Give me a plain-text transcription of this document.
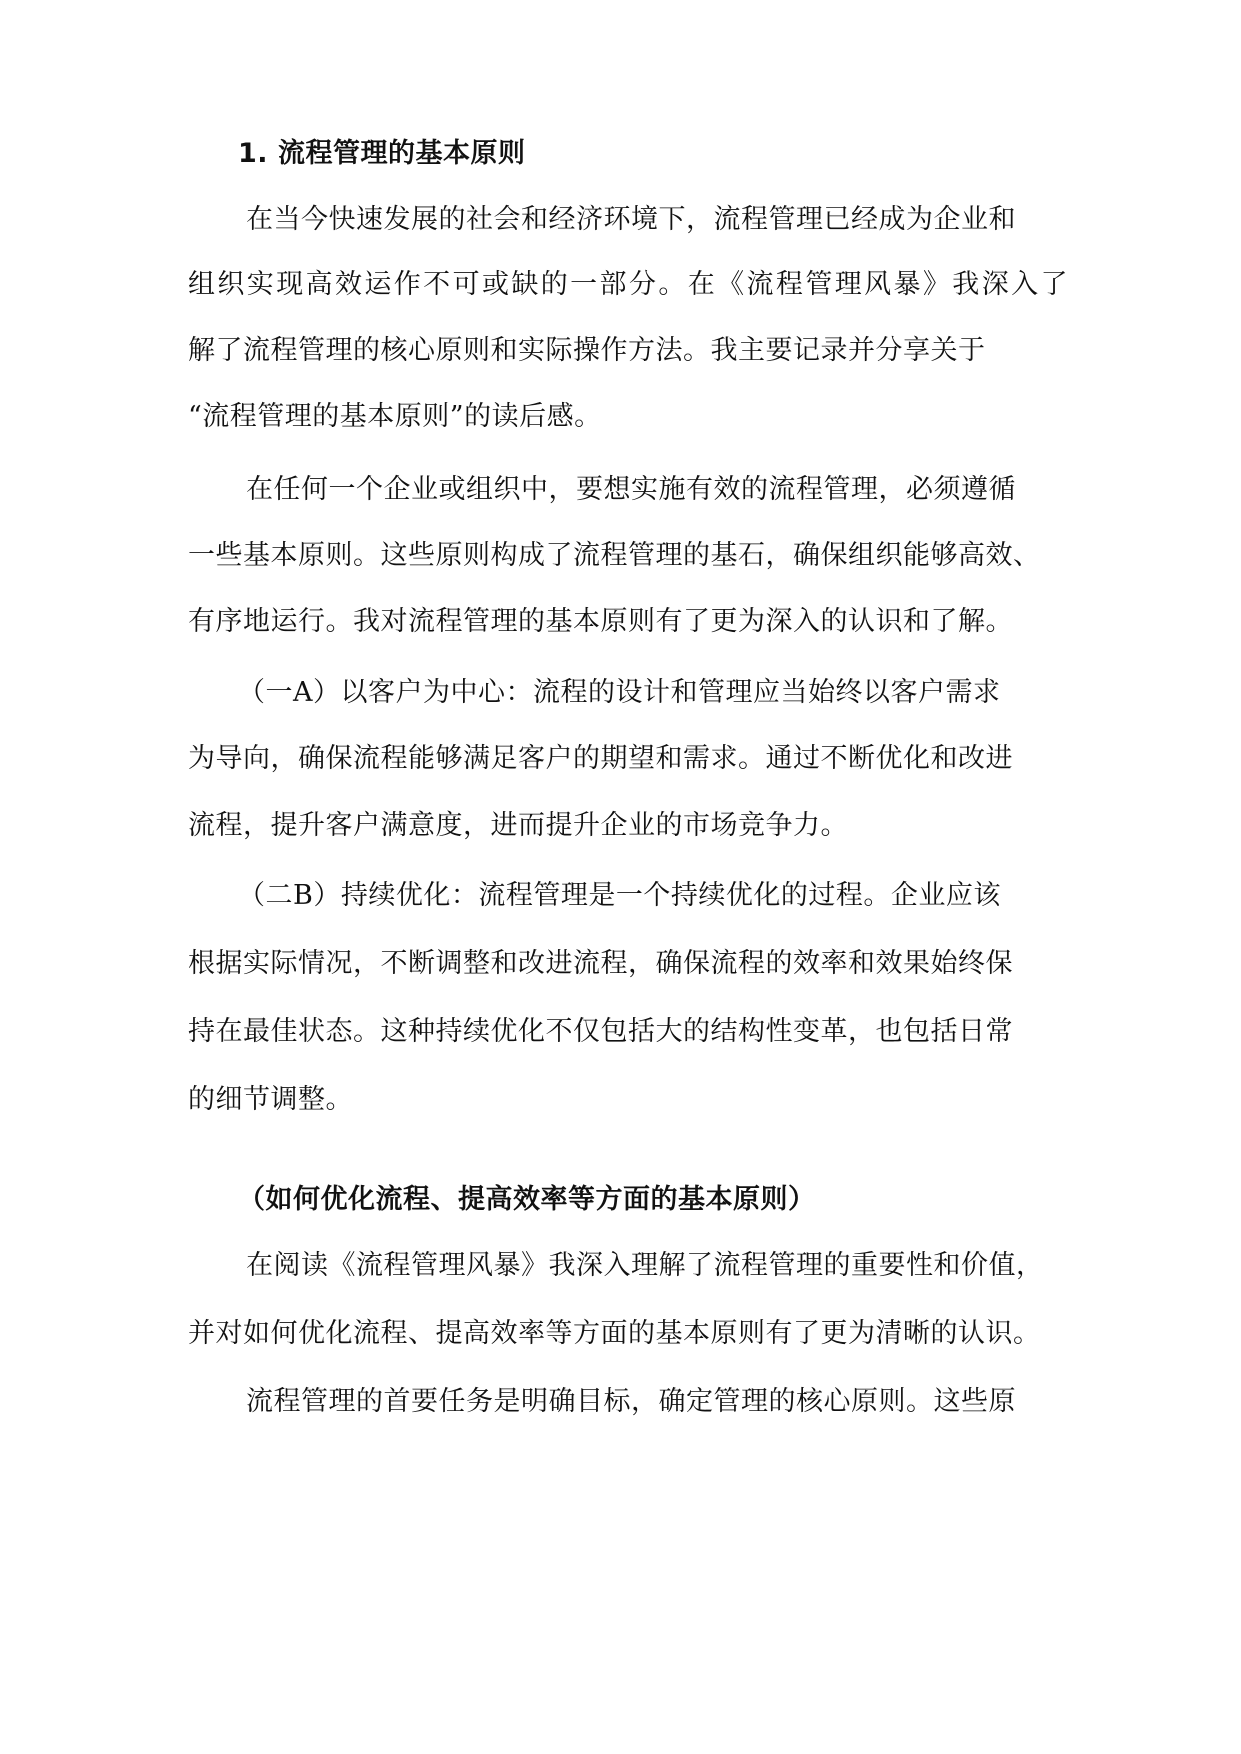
1. 流程管理的基本原则
在当今快速发展的社会和经济环境下，流程管理已经成为企业和
组织实现高效运作不可或缺的一部分。在《流程管理风暴》我深入了
解了流程管理的核心原则和实际操作方法。我主要记录并分享关于
“流程管理的基本原则”的读后感。
在任何一个企业或组织中，要想实施有效的流程管理，必须遵循
一些基本原则。这些原则构成了流程管理的基石，确保组织能够高效、
有序地运行。我对流程管理的基本原则有了更为深入的认识和了解。
（一A）以客户为中心：流程的设计和管理应当始终以客户需求
为导向，确保流程能够满足客户的期望和需求。通过不断优化和改进
流程，提升客户满意度，进而提升企业的市场竞争力。
（二B）持续优化：流程管理是一个持续优化的过程。企业应该
根据实际情况，不断调整和改进流程，确保流程的效率和效果始终保
持在最佳状态。这种持续优化不仅包括大的结构性变革，也包括日常
的细节调整。
（如何优化流程、提高效率等方面的基本原则）
在阅读《流程管理风暴》我深入理解了流程管理的重要性和价值，
并对如何优化流程、提高效率等方面的基本原则有了更为清晰的认识。
流程管理的首要任务是明确目标，确定管理的核心原则。这些原
